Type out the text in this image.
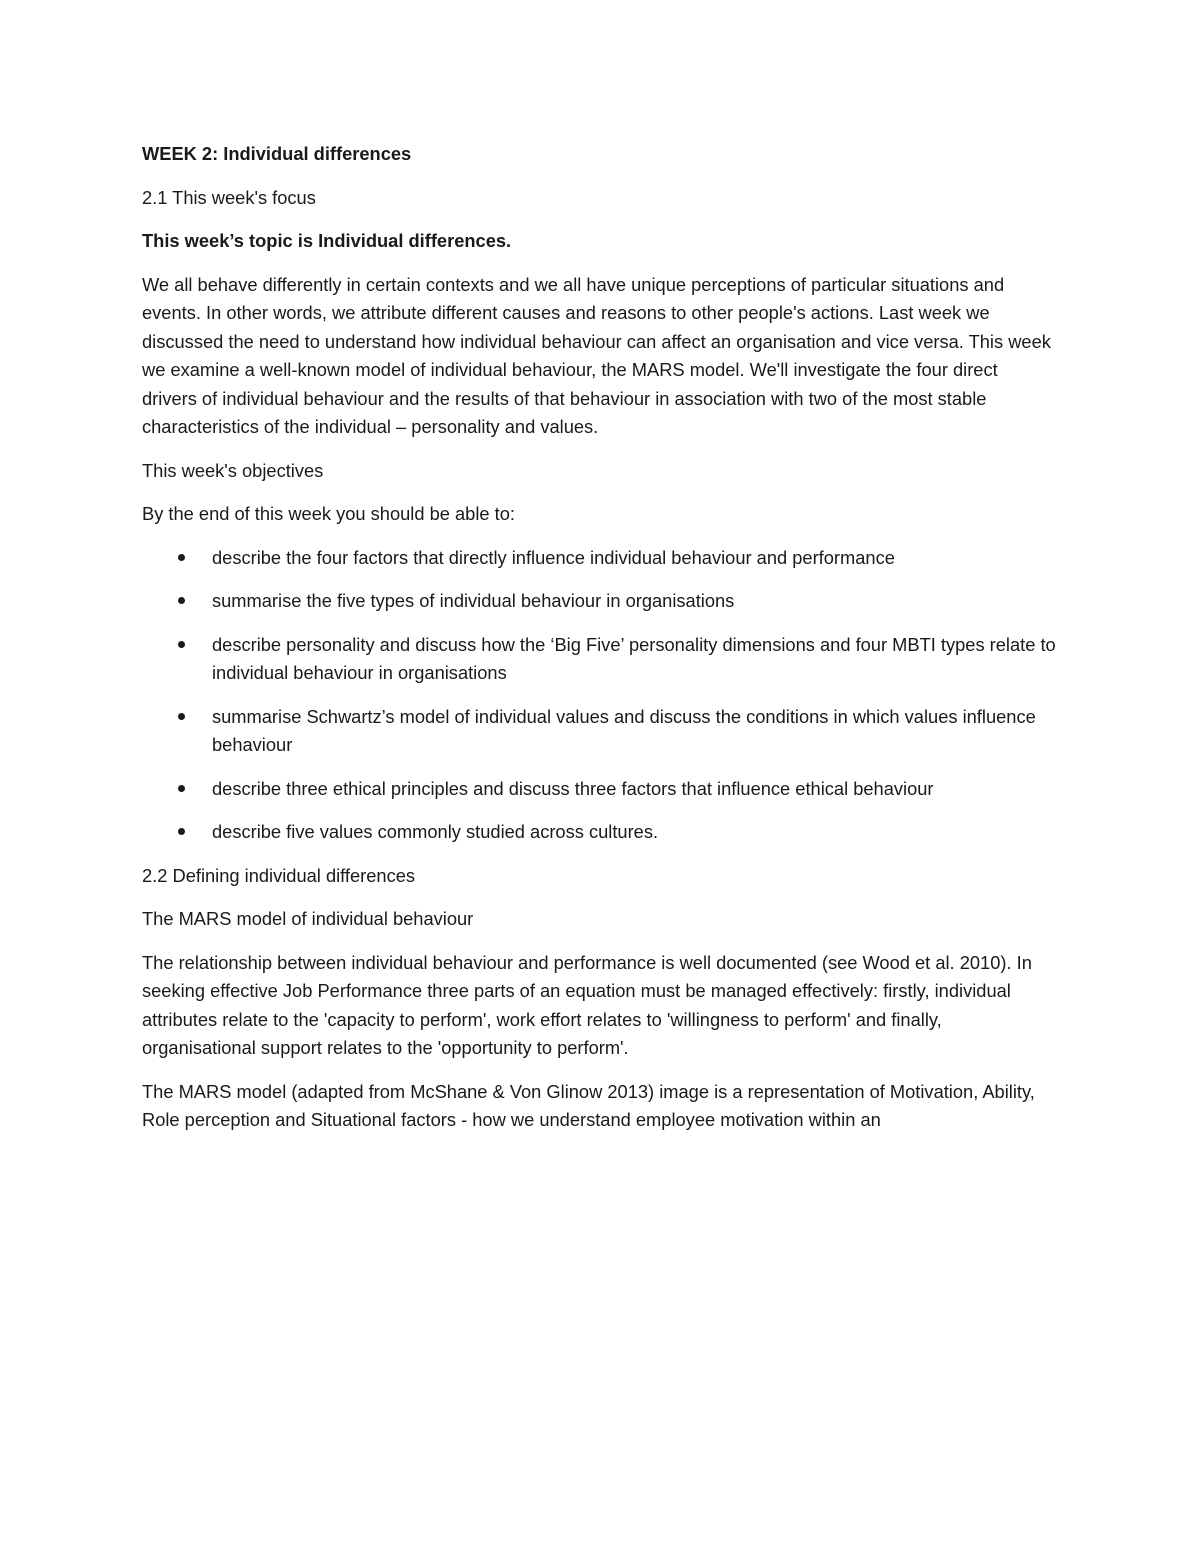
WEEK 2: Individual differences

2.1 This week's focus

This week’s topic is Individual differences.

We all behave differently in certain contexts and we all have unique perceptions of particular situations and events. In other words, we attribute different causes and reasons to other people's actions. Last week we discussed the need to understand how individual behaviour can affect an organisation and vice versa. This week we examine a well-known model of individual behaviour, the MARS model. We'll investigate the four direct drivers of individual behaviour and the results of that behaviour in association with two of the most stable characteristics of the individual – personality and values.

This week's objectives

By the end of this week you should be able to:

describe the four factors that directly influence individual behaviour and performance
summarise the five types of individual behaviour in organisations
describe personality and discuss how the ‘Big Five’ personality dimensions and four MBTI types relate to individual behaviour in organisations
summarise Schwartz’s model of individual values and discuss the conditions in which values influence behaviour
describe three ethical principles and discuss three factors that influence ethical behaviour
describe five values commonly studied across cultures.

2.2 Defining individual differences

The MARS model of individual behaviour

The relationship between individual behaviour and performance is well documented (see Wood et al. 2010). In seeking effective Job Performance three parts of an equation must be managed effectively: firstly, individual attributes relate to the 'capacity to perform', work effort relates to 'willingness to perform' and finally, organisational support relates to the 'opportunity to perform'.

The MARS model (adapted from McShane & Von Glinow 2013) image is a representation of Motivation, Ability, Role perception and Situational factors - how we understand employee motivation within an
